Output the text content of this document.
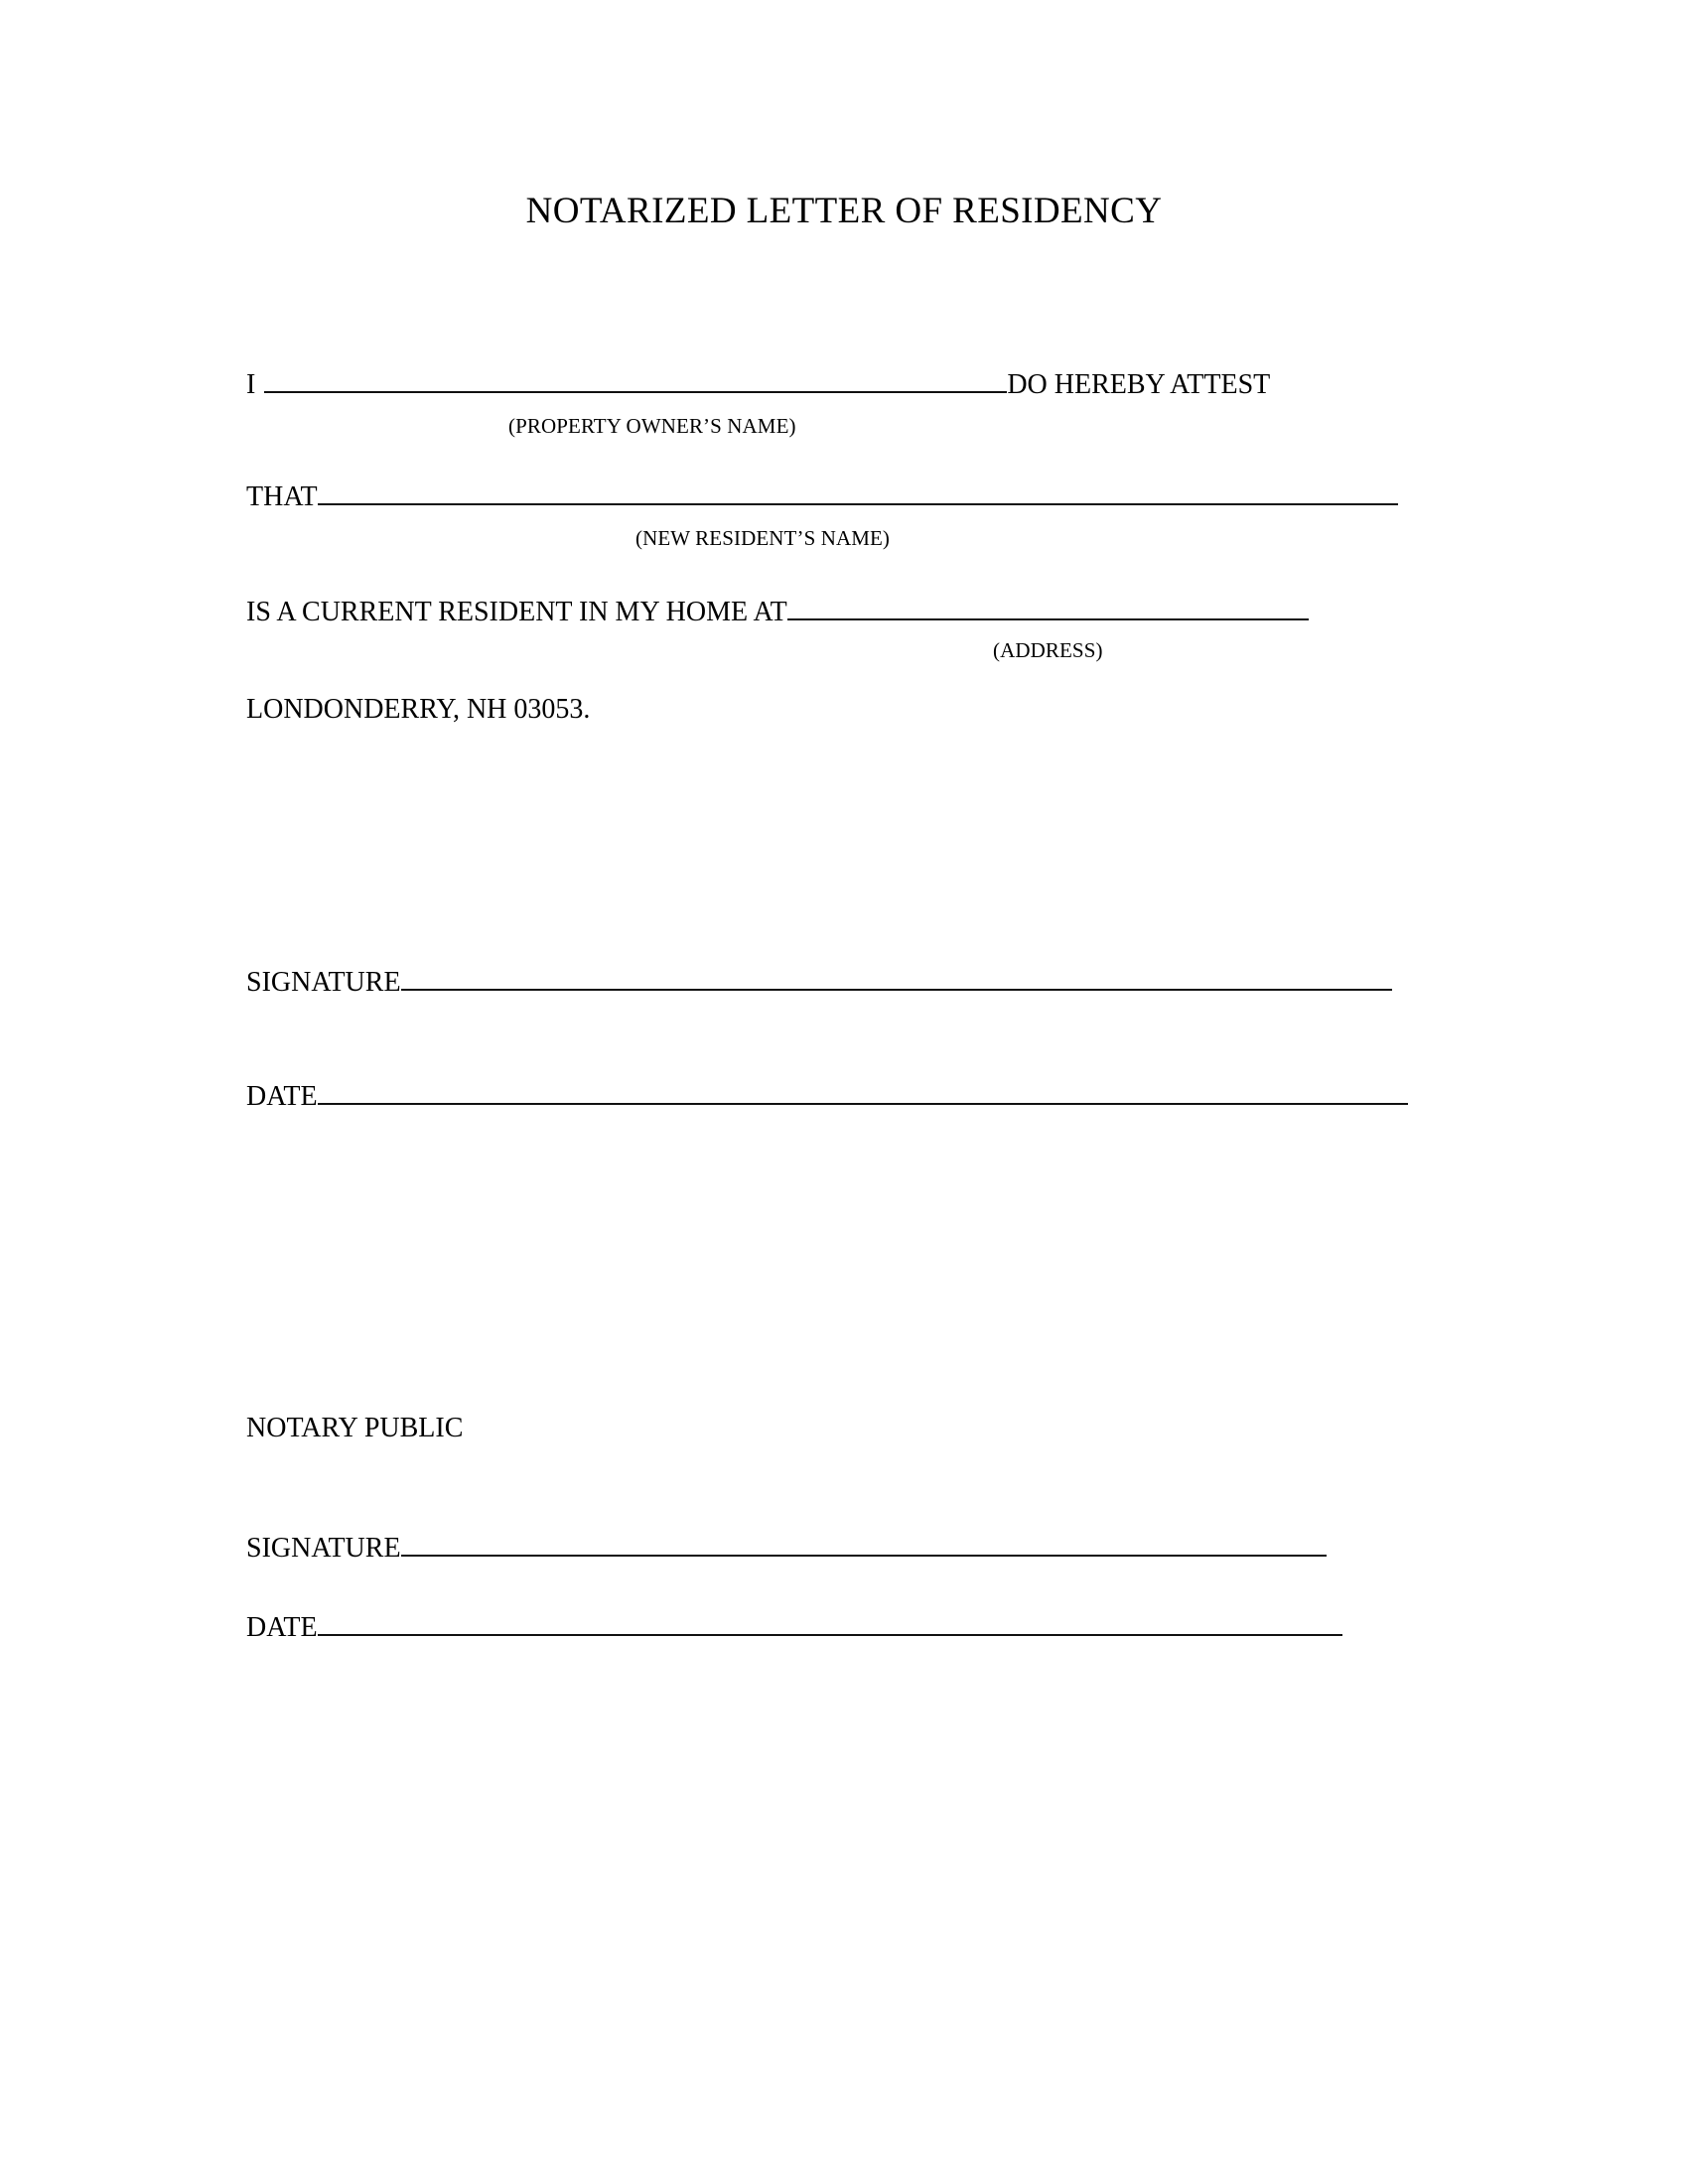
NOTARIZED LETTER OF RESIDENCY
I	DO HEREBY ATTEST
(PROPERTY OWNER’S NAME)
THAT
(NEW RESIDENT’S NAME)
IS A CURRENT RESIDENT IN MY HOME AT
(ADDRESS)
LONDONDERRY, NH 03053.
SIGNATURE
DATE
NOTARY PUBLIC
SIGNATURE
DATE
